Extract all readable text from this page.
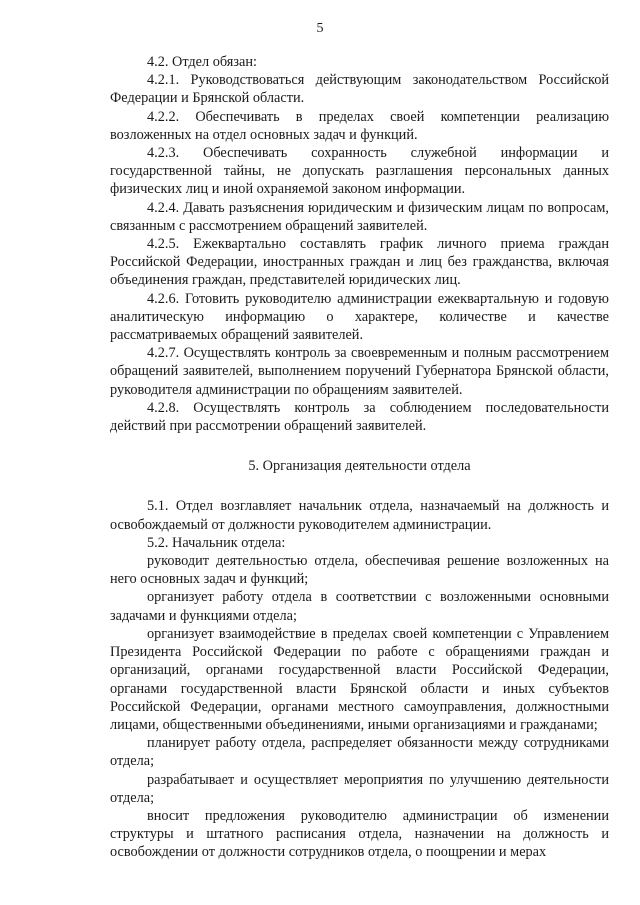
5

4.2. Отдел обязан:

4.2.1. Руководствоваться действующим законодательством Российской Федерации и Брянской области.

4.2.2. Обеспечивать в пределах своей компетенции реализацию возложенных на отдел основных задач и функций.

4.2.3. Обеспечивать сохранность служебной информации и государственной тайны, не допускать разглашения персональных данных физических лиц и иной охраняемой законом информации.

4.2.4. Давать разъяснения юридическим и физическим лицам по вопросам, связанным с рассмотрением обращений заявителей.

4.2.5. Ежеквартально составлять график личного приема граждан Российской Федерации, иностранных граждан и лиц без гражданства, включая объединения граждан, представителей юридических лиц.

4.2.6. Готовить руководителю администрации ежеквартальную и годовую аналитическую информацию о характере, количестве и качестве рассматриваемых обращений заявителей.

4.2.7. Осуществлять контроль за своевременным и полным рассмотрением обращений заявителей, выполнением поручений Губернатора Брянской области, руководителя администрации по обращениям заявителей.

4.2.8. Осуществлять контроль за соблюдением последовательности действий при рассмотрении обращений заявителей.

5. Организация деятельности отдела

5.1. Отдел возглавляет начальник отдела, назначаемый на должность и освобождаемый от должности руководителем администрации.

5.2. Начальник отдела:

руководит деятельностью отдела, обеспечивая решение возложенных на него основных задач и функций;

организует работу отдела в соответствии с возложенными основными задачами и функциями отдела;

организует взаимодействие в пределах своей компетенции с Управлением Президента Российской Федерации по работе с обращениями граждан и организаций, органами государственной власти Российской Федерации, органами государственной власти Брянской области и иных субъектов Российской Федерации, органами местного самоуправления, должностными лицами, общественными объединениями, иными организациями и гражданами;

планирует работу отдела, распределяет обязанности между сотрудниками отдела;

разрабатывает и осуществляет мероприятия по улучшению деятельности отдела;

вносит предложения руководителю администрации об изменении структуры и штатного расписания отдела, назначении на должность и освобождении от должности сотрудников отдела, о поощрении и мерах
